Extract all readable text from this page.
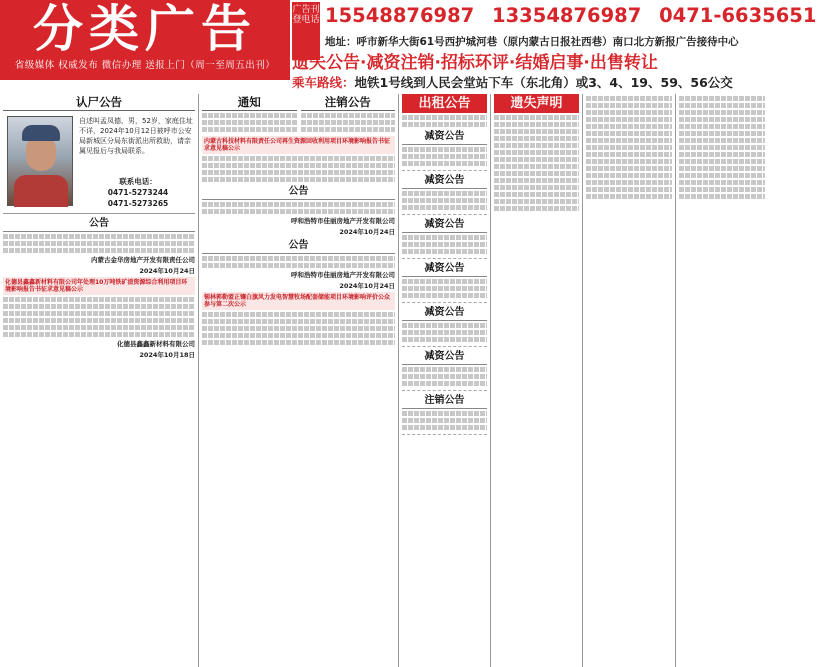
分类广告
省级媒体 权威发布 微信办理 送报上门（周一至周五出刊）
广告刊登电话 15548876987 13354876987 0471-6635651
地址：呼市新华大街61号西护城河巷（原内蒙古日报社西巷）南口北方新报广告接待中心
遗失公告·减资注销·招标环评·结婚启事·出售转让
乘车路线：地铁1号线到人民会堂站下车（东北角）或3、4、19、59、56公交
认尸公告
自述叫孟凤德，男，52岁，家庭住址不详，2024年10月12日被呼市公安局新城区分局东街派出所救助，请亲属见报后与我局联系。
联系电话：
0471-5273244
0471-5273265
公告

内蒙古金华房地产开发有限责任公司
2024年10月24日
化德县鑫鑫新材料有限公司年处理10万吨铁矿渣资源综合利用项目环境影响报告书征求意见稿公示

化德县鑫鑫新材料有限公司
2024年10月18日
通知	注销公告

内蒙古科技材料有限责任公司再生资源回收利用项目环境影响报告书征求意见稿公示

公告

呼和浩特市佳丽房地产开发有限公司
2024年10月24日
公告

呼和浩特市佳丽房地产开发有限公司
2024年10月24日
锡林郭勒盟正镶白旗风力发电智慧牧场配套储能项目环境影响评价公众参与第二次公示

出租公告

减资公告

减资公告

减资公告

减资公告

减资公告

减资公告

注销公告

遗失声明
